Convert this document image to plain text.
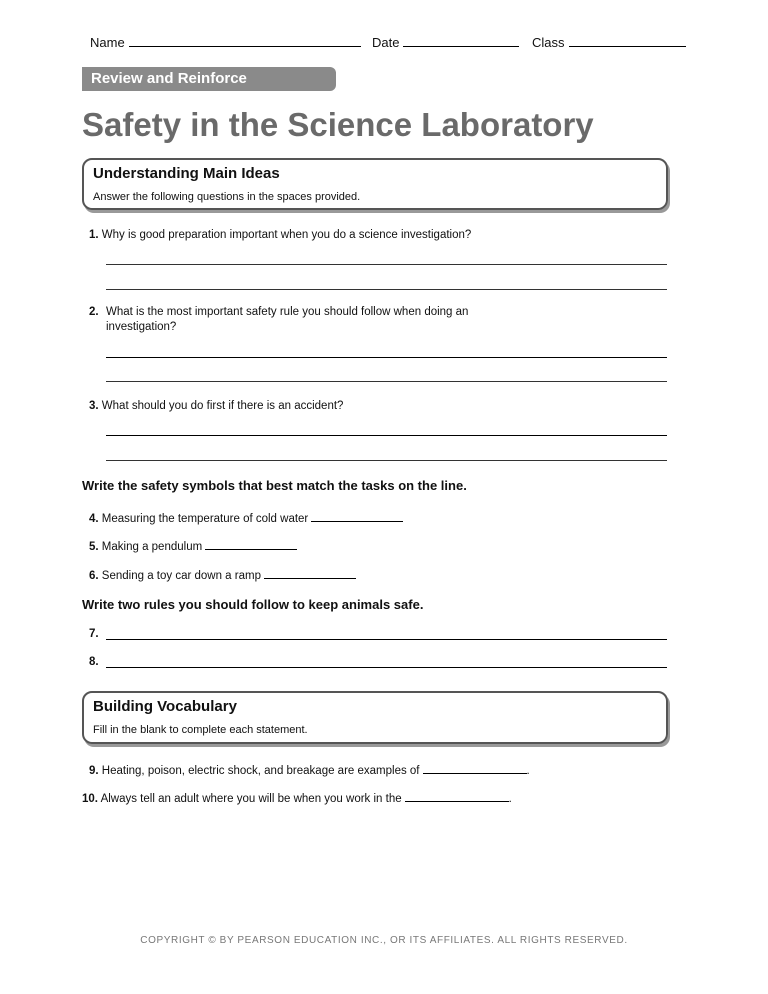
Name	Date	Class
Review and Reinforce
Safety in the Science Laboratory
Understanding Main Ideas
Answer the following questions in the spaces provided.
1. Why is good preparation important when you do a science investigation?
2. What is the most important safety rule you should follow when doing an investigation?
3. What should you do first if there is an accident?
Write the safety symbols that best match the tasks on the line.
4. Measuring the temperature of cold water
5. Making a pendulum
6. Sending a toy car down a ramp
Write two rules you should follow to keep animals safe.
7.
8.
Building Vocabulary
Fill in the blank to complete each statement.
9. Heating, poison, electric shock, and breakage are examples of	.
10. Always tell an adult where you will be when you work in the	.
COPYRIGHT © BY PEARSON EDUCATION INC., OR ITS AFFILIATES. ALL RIGHTS RESERVED.
